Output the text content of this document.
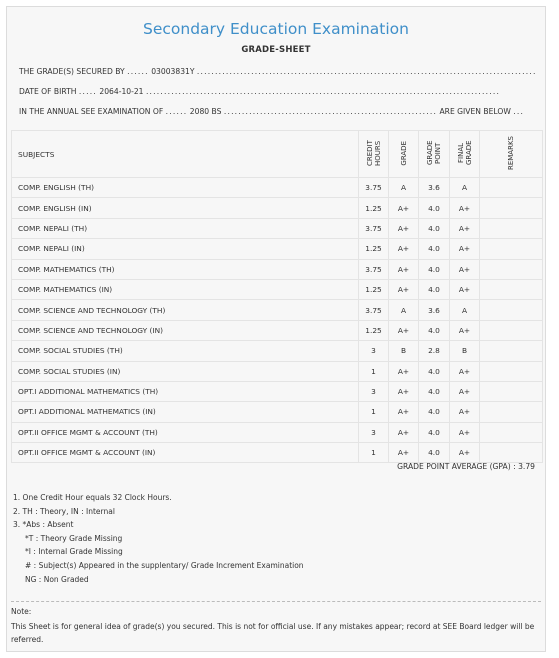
Secondary Education Examination
GRADE-SHEET
THE GRADE(S) SECURED BY ...... 03003831Y ..............................................................................................
DATE OF BIRTH ..... 2064-10-21 ..................................................................................................
IN THE ANNUAL SEE EXAMINATION OF ...... 2080 BS ........................................................... ARE GIVEN BELOW ...
SUBJECTS	CREDIT HOURS	GRADE	GRADE POINT	FINAL GRADE	REMARKS
COMP. ENGLISH (TH)	3.75	A	3.6	A	
COMP. ENGLISH (IN)	1.25	A+	4.0	A+	
COMP. NEPALI (TH)	3.75	A+	4.0	A+	
COMP. NEPALI (IN)	1.25	A+	4.0	A+	
COMP. MATHEMATICS (TH)	3.75	A+	4.0	A+	
COMP. MATHEMATICS (IN)	1.25	A+	4.0	A+	
COMP. SCIENCE AND TECHNOLOGY (TH)	3.75	A	3.6	A	
COMP. SCIENCE AND TECHNOLOGY (IN)	1.25	A+	4.0	A+	
COMP. SOCIAL STUDIES (TH)	3	B	2.8	B	
COMP. SOCIAL STUDIES (IN)	1	A+	4.0	A+	
OPT.I ADDITIONAL MATHEMATICS (TH)	3	A+	4.0	A+	
OPT.I ADDITIONAL MATHEMATICS (IN)	1	A+	4.0	A+	
OPT.II OFFICE MGMT & ACCOUNT (TH)	3	A+	4.0	A+	
OPT.II OFFICE MGMT & ACCOUNT (IN)	1	A+	4.0	A+	
GRADE POINT AVERAGE (GPA) : 3.79
1. One Credit Hour equals 32 Clock Hours.
2. TH : Theory, IN : Internal
3. *Abs : Absent
*T : Theory Grade Missing
*I : Internal Grade Missing
# : Subject(s) Appeared in the supplentary/ Grade Increment Examination
NG : Non Graded
Note:
This Sheet is for general idea of grade(s) you secured. This is not for official use. If any mistakes appear; record at SEE Board ledger will be referred.
